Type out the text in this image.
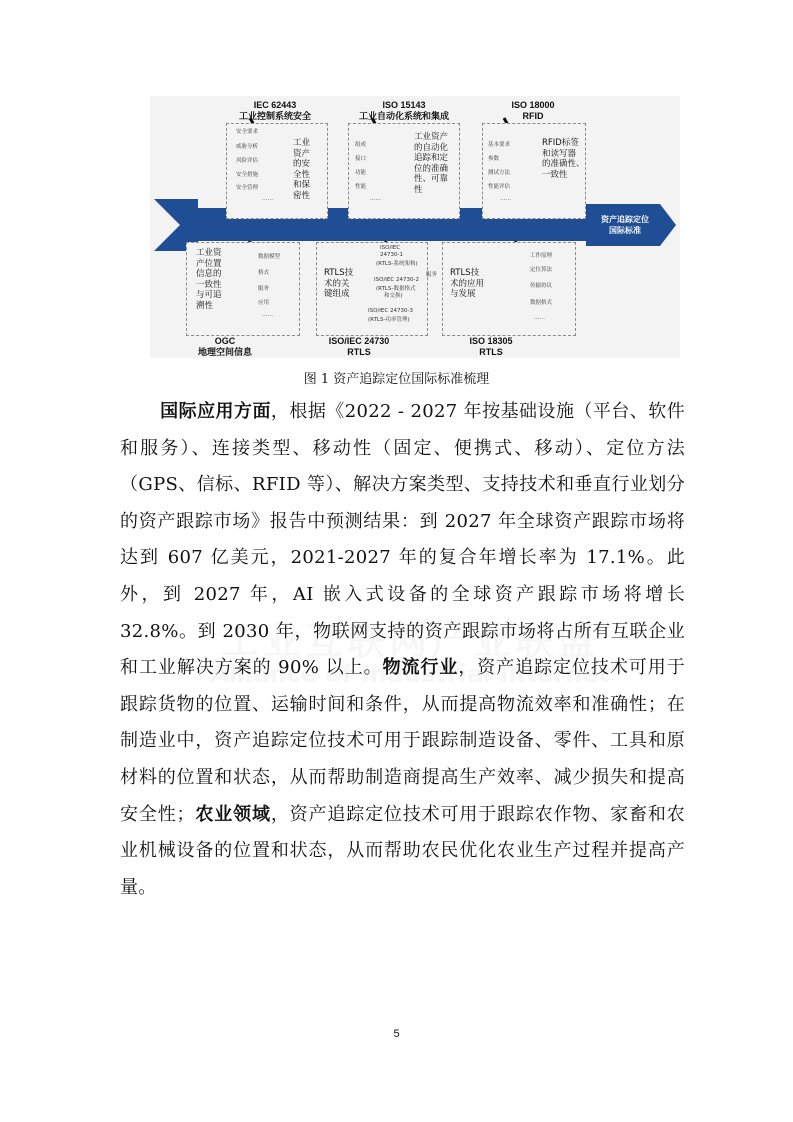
资产追踪定位
国际标准
IEC 62443
工业控制系统安全
安全要求
威胁分析
风险评估
安全措施
安全管理
……
工业
资产
的安
全性
和保
密性
ISO 15143
工业自动化系统和集成
组成
接口
功能
性能
……
工业资产
的自动化
追踪和定
位的准确
性、可靠
性
ISO 18000
RFID
基本要求
参数
测试方法
性能评估
……
RFID标签
和读写器
的准确性、
一致性
工业资
产位置
信息的
一致性
与可追
溯性
数据模型
格式
服务
应用
……
OGC
地理空间信息
RTLS技
术的关
键组成
ISO/IEC
24730-1
(RTLS-系统架构)
ISO/IEC 24730-2
(RTLS-数据格式
和交换)
ISO/IEC 24730-3
(RTLS-功率管理)
ISO/IEC 24730
RTLS
服务 RTLS技
术的应用
与发展
工作原理
定位算法
传输协议
数据格式
……
ISO 18305
RTLS
图 1 资产追踪定位国际标准梳理
国际应用方面，根据《2022 - 2027 年按基础设施（平台、软件和服务）、连接类型、移动性（固定、便携式、移动）、定位方法（GPS、信标、RFID 等）、解决方案类型、支持技术和垂直行业划分的资产跟踪市场》报告中预测结果：到 2027 年全球资产跟踪市场将达到 607 亿美元，2021-2027 年的复合年增长率为 17.1%。此外，到 2027 年，AI 嵌入式设备的全球资产跟踪市场将增长 32.8%。到 2030 年，物联网支持的资产跟踪市场将占所有互联企业和工业解决方案的 90% 以上。物流行业，资产追踪定位技术可用于跟踪货物的位置、运输时间和条件，从而提高物流效率和准确性；在制造业中，资产追踪定位技术可用于跟踪制造设备、零件、工具和原材料的位置和状态，从而帮助制造商提高生产效率、减少损失和提高安全性；农业领域，资产追踪定位技术可用于跟踪农作物、家畜和农业机械设备的位置和状态，从而帮助农民优化农业生产过程并提高产量。
5
